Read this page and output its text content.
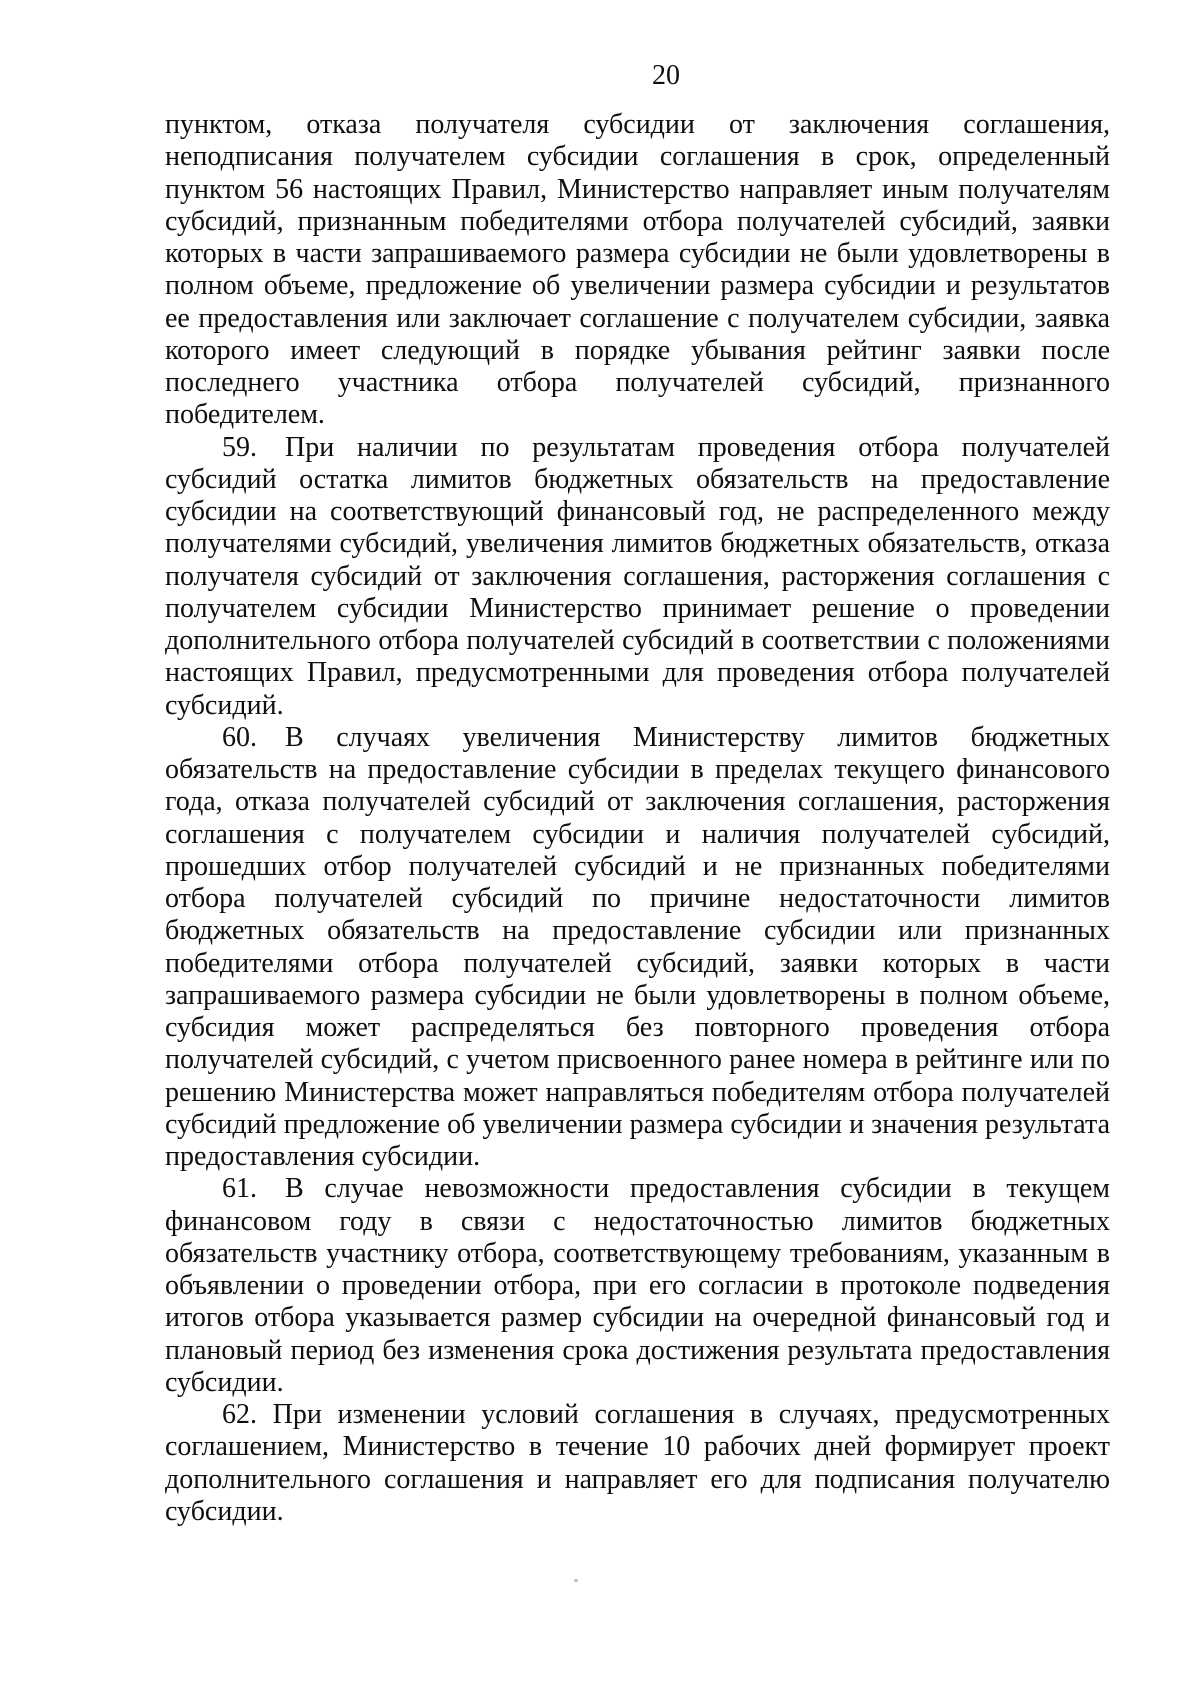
20

пунктом, отказа получателя субсидии от заключения соглашения, неподписания получателем субсидии соглашения в срок, определенный пунктом 56 настоящих Правил, Министерство направляет иным получателям субсидий, признанным победителями отбора получателей субсидий, заявки которых в части запрашиваемого размера субсидии не были удовлетворены в полном объеме, предложение об увеличении размера субсидии и результатов ее предоставления или заключает соглашение с получателем субсидии, заявка которого имеет следующий в порядке убывания рейтинг заявки после последнего участника отбора получателей субсидий, признанного победителем.

59. При наличии по результатам проведения отбора получателей субсидий остатка лимитов бюджетных обязательств на предоставление субсидии на соответствующий финансовый год, не распределенного между получателями субсидий, увеличения лимитов бюджетных обязательств, отказа получателя субсидий от заключения соглашения, расторжения соглашения с получателем субсидии Министерство принимает решение о проведении дополнительного отбора получателей субсидий в соответствии с положениями настоящих Правил, предусмотренными для проведения отбора получателей субсидий.

60. В случаях увеличения Министерству лимитов бюджетных обязательств на предоставление субсидии в пределах текущего финансового года, отказа получателей субсидий от заключения соглашения, расторжения соглашения с получателем субсидии и наличия получателей субсидий, прошедших отбор получателей субсидий и не признанных победителями отбора получателей субсидий по причине недостаточности лимитов бюджетных обязательств на предоставление субсидии или признанных победителями отбора получателей субсидий, заявки которых в части запрашиваемого размера субсидии не были удовлетворены в полном объеме, субсидия может распределяться без повторного проведения отбора получателей субсидий, с учетом присвоенного ранее номера в рейтинге или по решению Министерства может направляться победителям отбора получателей субсидий предложение об увеличении размера субсидии и значения результата предоставления субсидии.

61. В случае невозможности предоставления субсидии в текущем финансовом году в связи с недостаточностью лимитов бюджетных обязательств участнику отбора, соответствующему требованиям, указанным в объявлении о проведении отбора, при его согласии в протоколе подведения итогов отбора указывается размер субсидии на очередной финансовый год и плановый период без изменения срока достижения результата предоставления субсидии.

62. При изменении условий соглашения в случаях, предусмотренных соглашением, Министерство в течение 10 рабочих дней формирует проект дополнительного соглашения и направляет его для подписания получателю субсидии.
